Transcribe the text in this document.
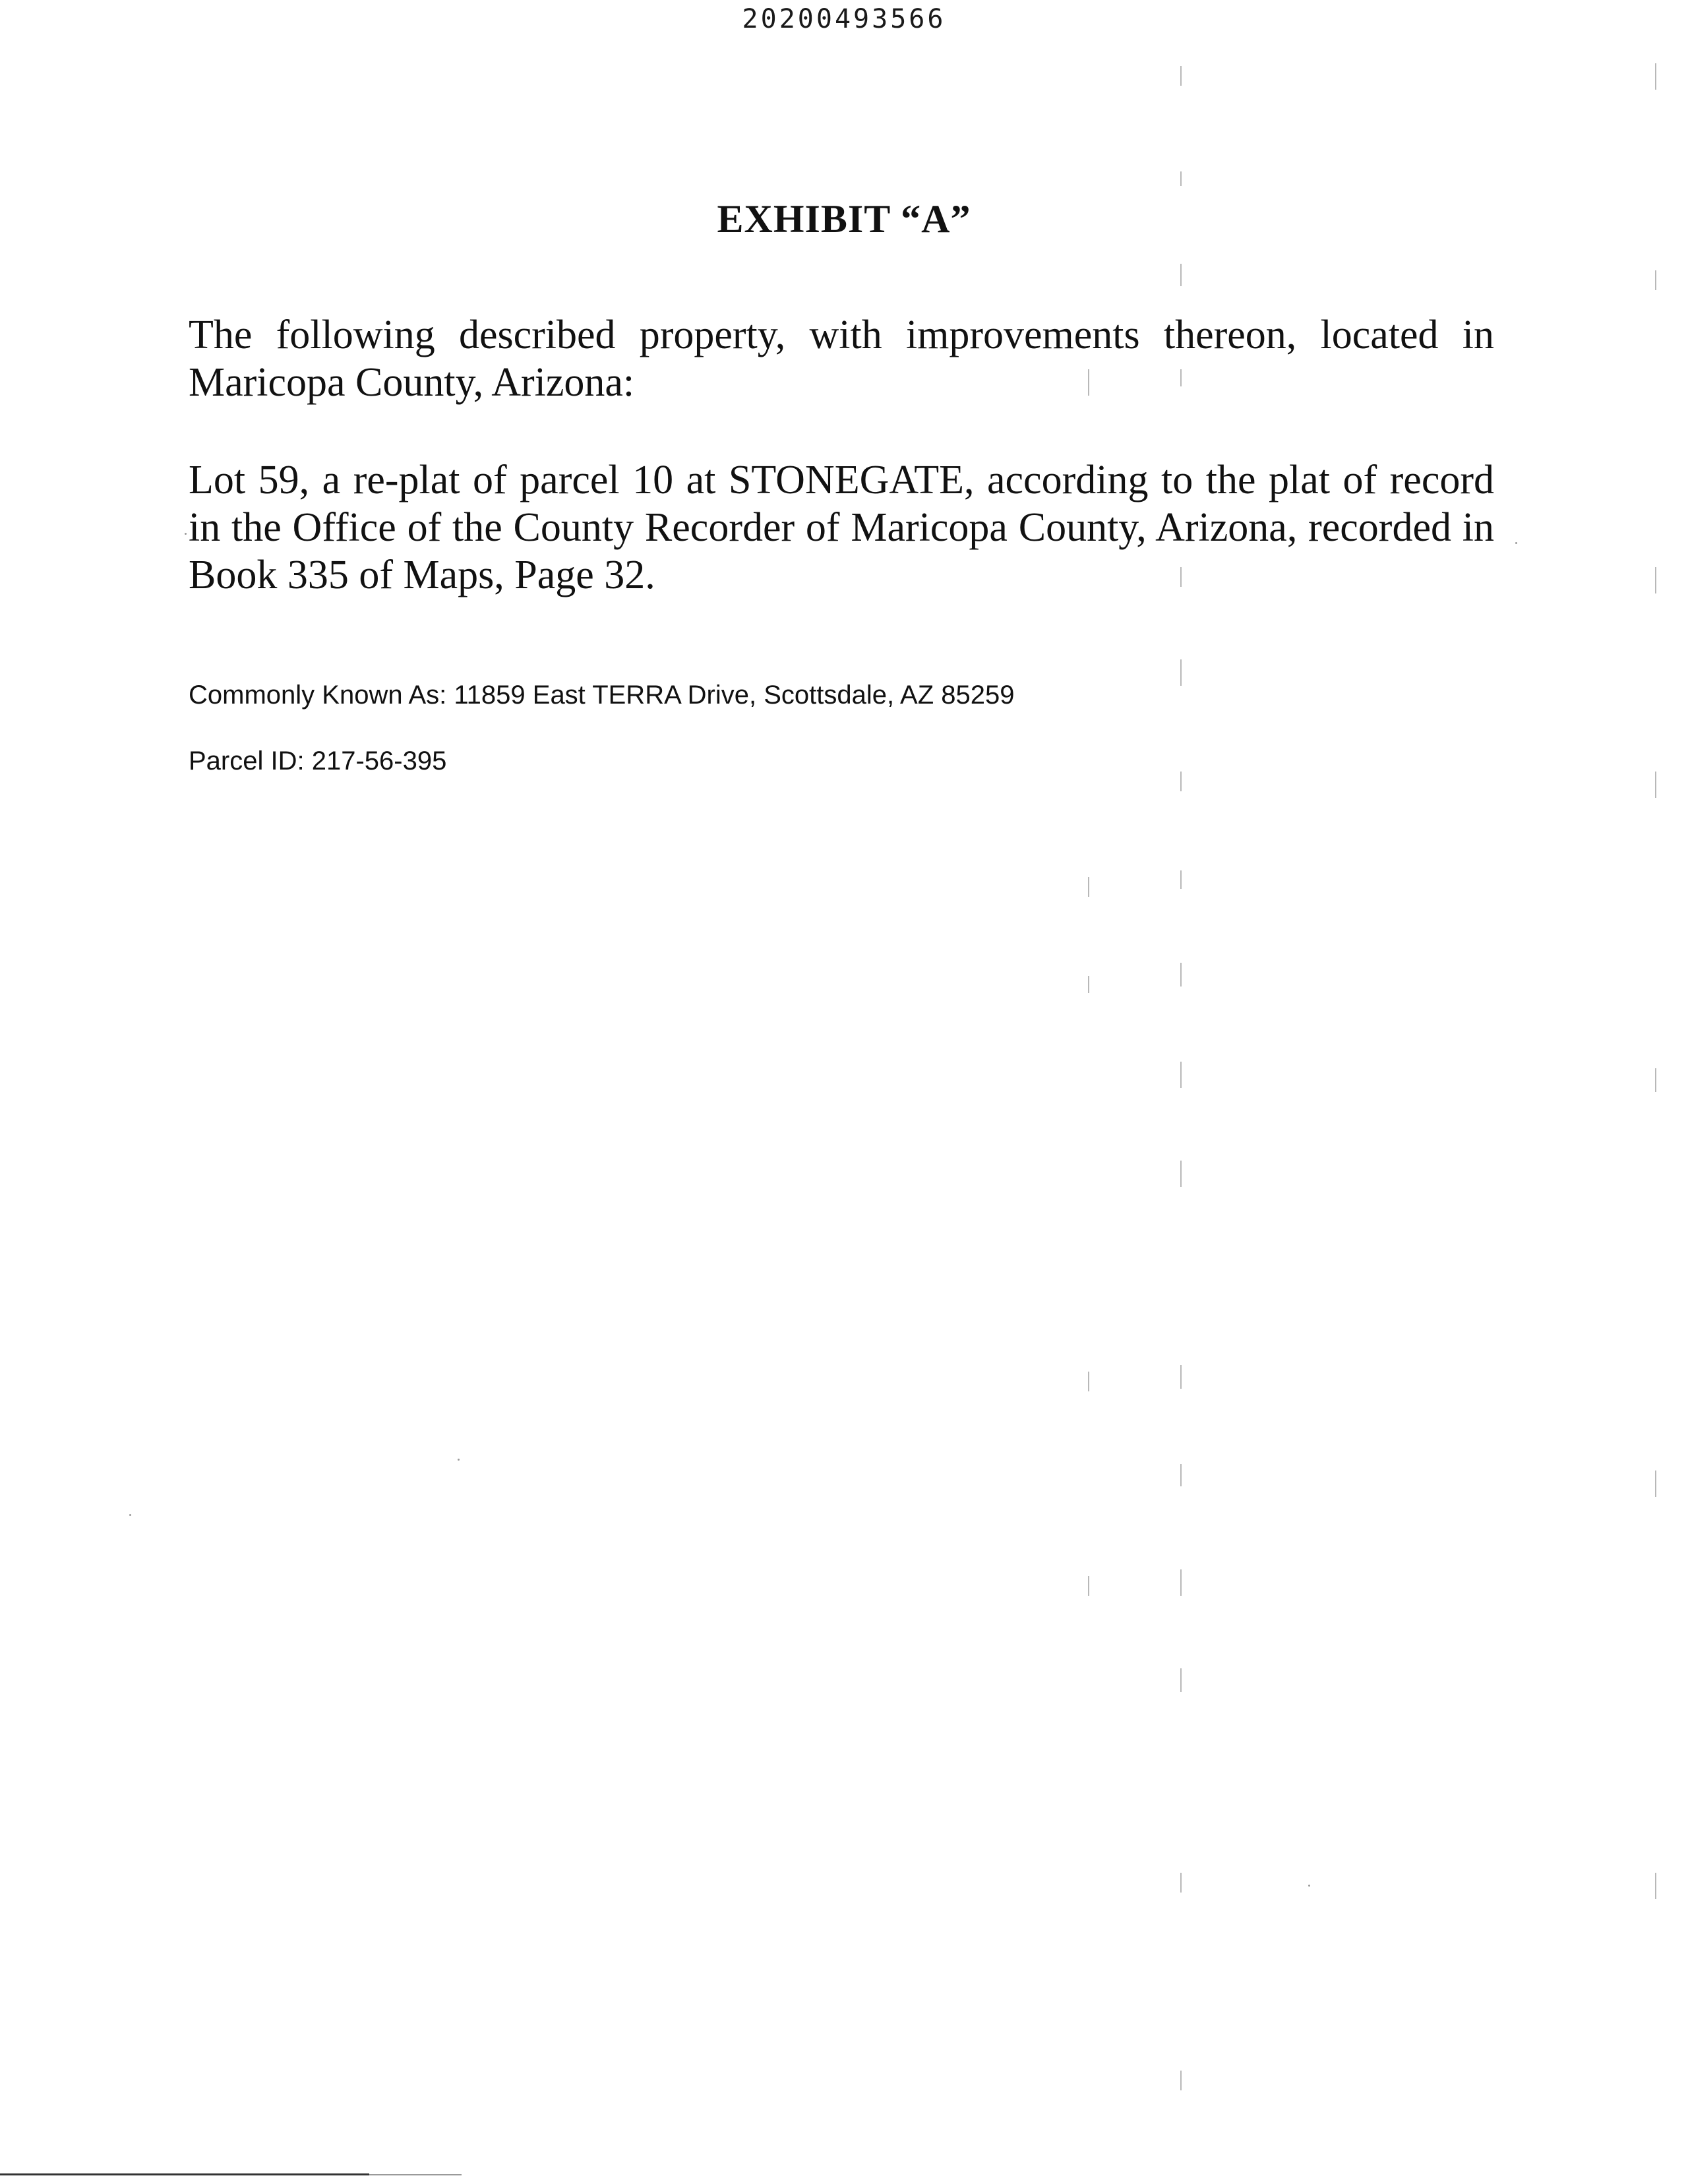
20200493566
EXHIBIT “A”
The following described property, with improvements thereon, located in Maricopa County, Arizona:
Lot 59, a re-plat of parcel 10 at STONEGATE, according to the plat of record in the Office of the County Recorder of Maricopa County, Arizona, recorded in Book 335 of Maps, Page 32.
Commonly Known As: 11859 East TERRA Drive, Scottsdale, AZ 85259
Parcel ID: 217-56-395
